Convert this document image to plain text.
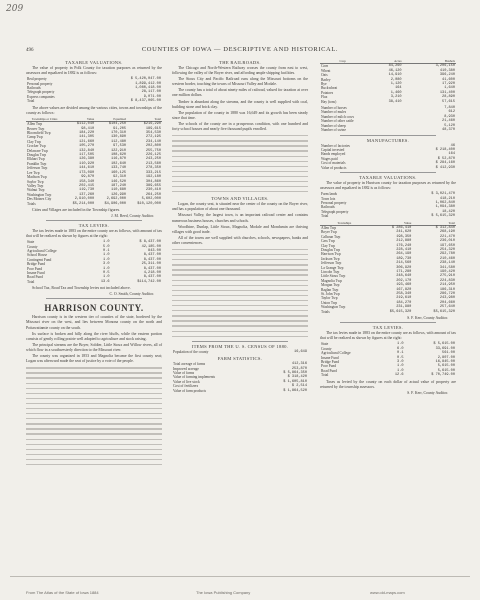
209
496	COUNTIES OF IOWA — DESCRIPTIVE AND HISTORICAL.
TAXABLE VALUATIONS.

The value of property in Polk County for taxation purposes as returned by the assessors and equalized in 1882 is as follows:

Real property	$ 5,420,047.00
Personal property	1,899,412.00
Railroads	1,080,418.00
Telegraph property	28,117.00
Express companies	9,071.00
Total	$ 8,437,065.00

The above values are divided among the various cities, towns and townships of the county as follows:

Townships or Cities	Value	Equalized	Total
Allen Twp	$112,040	$104,250	$216,290
Beaver Twp	98,410	91,205	189,615
Bloomfield Twp	184,220	170,310	354,530
Camp Twp	141,305	130,890	272,195
Clay Twp	121,660	112,480	234,140
Crocker Twp	105,270	97,530	202,800
Delaware Twp	132,840	122,910	255,750
Douglas Twp	117,505	108,620	226,125
Elkhart Twp	126,380	116,870	243,250
Franklin Twp	110,920	102,640	213,560
Jefferson Twp	144,610	133,740	278,350
Lee Twp	173,090	160,125	333,215
Madison Twp	99,870	92,310	192,180
Saylor Twp	158,340	146,520	304,860
Valley Twp	202,415	187,240	389,655
Walnut Twp	119,730	110,680	230,410
Washington Twp	137,260	126,990	264,250
Des Moines City	2,910,000	2,692,000	5,602,000
Totals	$5,214,000	$4,906,000	$10,120,000

Cities and Villages are included in the Township figures.

J. M. Reed, County Auditor.
TAX LEVIES.

The tax levies made in 1883 on the entire county are as follows, with amount of tax that will be realized as shown by figures at the right:

State	1.0	$ 8,437.00
County	5.0	42,185.00
Agricultural College	0.1	843.00
School House	1.0	8,437.00
Contingent Fund	1.0	8,437.00
Bridge Fund	3.0	25,311.00
Poor Fund	1.0	8,437.00
Insane Fund	0.5	4,218.00
Road Fund	1.0	8,437.00
Total	13.6	$114,742.00

School Tax, Road Tax and Township levies not included above.

C. O. Smith, County Auditor.
HARRISON COUNTY.

Harrison county is in the western tier of counties of the state, bordered by the Missouri river on the west, and lies between Monona county on the north and Pottawattamie county on the south.

Its surface is broken and hilly along the river bluffs, while the eastern portion consists of gently rolling prairie well adapted to agriculture and stock raising.

The principal streams are the Boyer, Soldier, Little Sioux and Willow rivers, all of which flow in a southwesterly direction to the Missouri river.

The county was organized in 1853 and Magnolia became the first county seat; Logan was afterward made the seat of justice by a vote of the people.

THE RAILROADS.

The Chicago and North-Western Railway crosses the county from east to west, following the valley of the Boyer river, and affording ample shipping facilities.

The Sioux City and Pacific Railroad runs along the Missouri bottoms on the western border, touching the towns of Missouri Valley and Modale.

The county has a total of about ninety miles of railroad, valued for taxation at over one million dollars.

Timber is abundant along the streams, and the county is well supplied with coal, building stone and brick clay.

The population of the county in 1880 was 16,649 and its growth has been steady since that time.

The schools of the county are in a prosperous condition, with one hundred and forty school houses and nearly five thousand pupils enrolled.

TOWNS AND VILLAGES.

Logan, the county seat, is situated near the center of the county on the Boyer river, and has a population of about one thousand.

Missouri Valley, the largest town, is an important railroad center and contains numerous business houses, churches and schools.

Woodbine, Dunlap, Little Sioux, Magnolia, Modale and Mondamin are thriving villages with good trade.

All of the towns are well supplied with churches, schools, newspapers, banks and other conveniences.

ITEMS FROM THE U. S. CENSUS OF 1880.
Population of the county	16,649
FARM STATISTICS.
Total acreage of farms	412,316
Improved acreage	253,870
Value of farms	$ 5,864,350
Value of farming implements	$ 318,420
Value of live stock	$ 1,605,810
Cost of fertilizers	$ 2,514
Value of farm products	$ 1,864,520
Crop	Acres	Bushels
Corn	84,260	3,206,150
Wheat	46,120	410,380
Oats	14,910	396,240
Barley	2,080	41,600
Rye	1,120	17,920
Buckwheat	164	1,640
Potatoes	1,460	131,400
Flax	3,210	28,890
Hay (tons)	38,410	57,615
Number of horses	7,840
Number of mules	612
Number of milch cows	8,930
Number of other cattle	21,460
Number of sheep	5,120
Number of swine	48,370
MANUFACTURES.
Number of factories	46
Capital invested	$ 218,400
Hands employed	164
Wages paid	$ 52,870
Cost of materials	$ 284,160
Value of products	$ 412,930
TAXABLE VALUATIONS.

The value of property in Harrison county for taxation purposes as returned by the assessors and equalized in 1882 is as follows:

Farm lands	$ 3,021,470
Town lots	418,210
Personal property	1,062,840
Railroads	1,094,380
Telegraph property	18,420
Total	$ 5,615,320
Townships	Value	Total
Allen Twp	$ 286,410	$ 312,840
Boyer Twp	241,620	268,190
Calhoun Twp	198,350	221,470
Cass Twp	212,880	236,010
Clay Twp	176,240	197,650
Douglas Twp	228,410	254,320
Harrison Twp	264,190	292,780
Jackson Twp	189,730	210,460
Jefferson Twp	214,560	238,140
La Grange Twp	306,920	341,580
Lincoln Twp	171,280	190,420
Little Sioux Twp	248,640	275,910
Magnolia Twp	202,170	224,830
Morgan Twp	193,460	214,950
Raglan Twp	167,820	186,310
St. John Twp	258,340	286,720
Taylor Twp	219,610	243,980
Union Twp	184,270	204,660
Washington Twp	231,980	257,640
Totals	$5,615,320	$5,615,320
S. F. Kerr, County Auditor.
TAX LEVIES.

The tax levies made in 1883 on the entire county are as follows, with amount of tax that will be realized as shown by figures at the right:

State	1.0	$ 5,615.00
County	6.0	33,691.00
Agricultural College	0.1	561.00
Insane Fund	0.5	2,807.00
Bridge Fund	3.0	16,845.00
Poor Fund	1.0	5,615.00
Road Fund	1.0	5,615.00
Total	12.6	$ 70,749.00

Taxes as levied by the county on each dollar of actual value of property are returned by the township assessors.

S. F. Kerr, County Auditor.
From The Atlas of the State of Iowa 1884	The Iowa Publishing Company	www.old-maps.com
